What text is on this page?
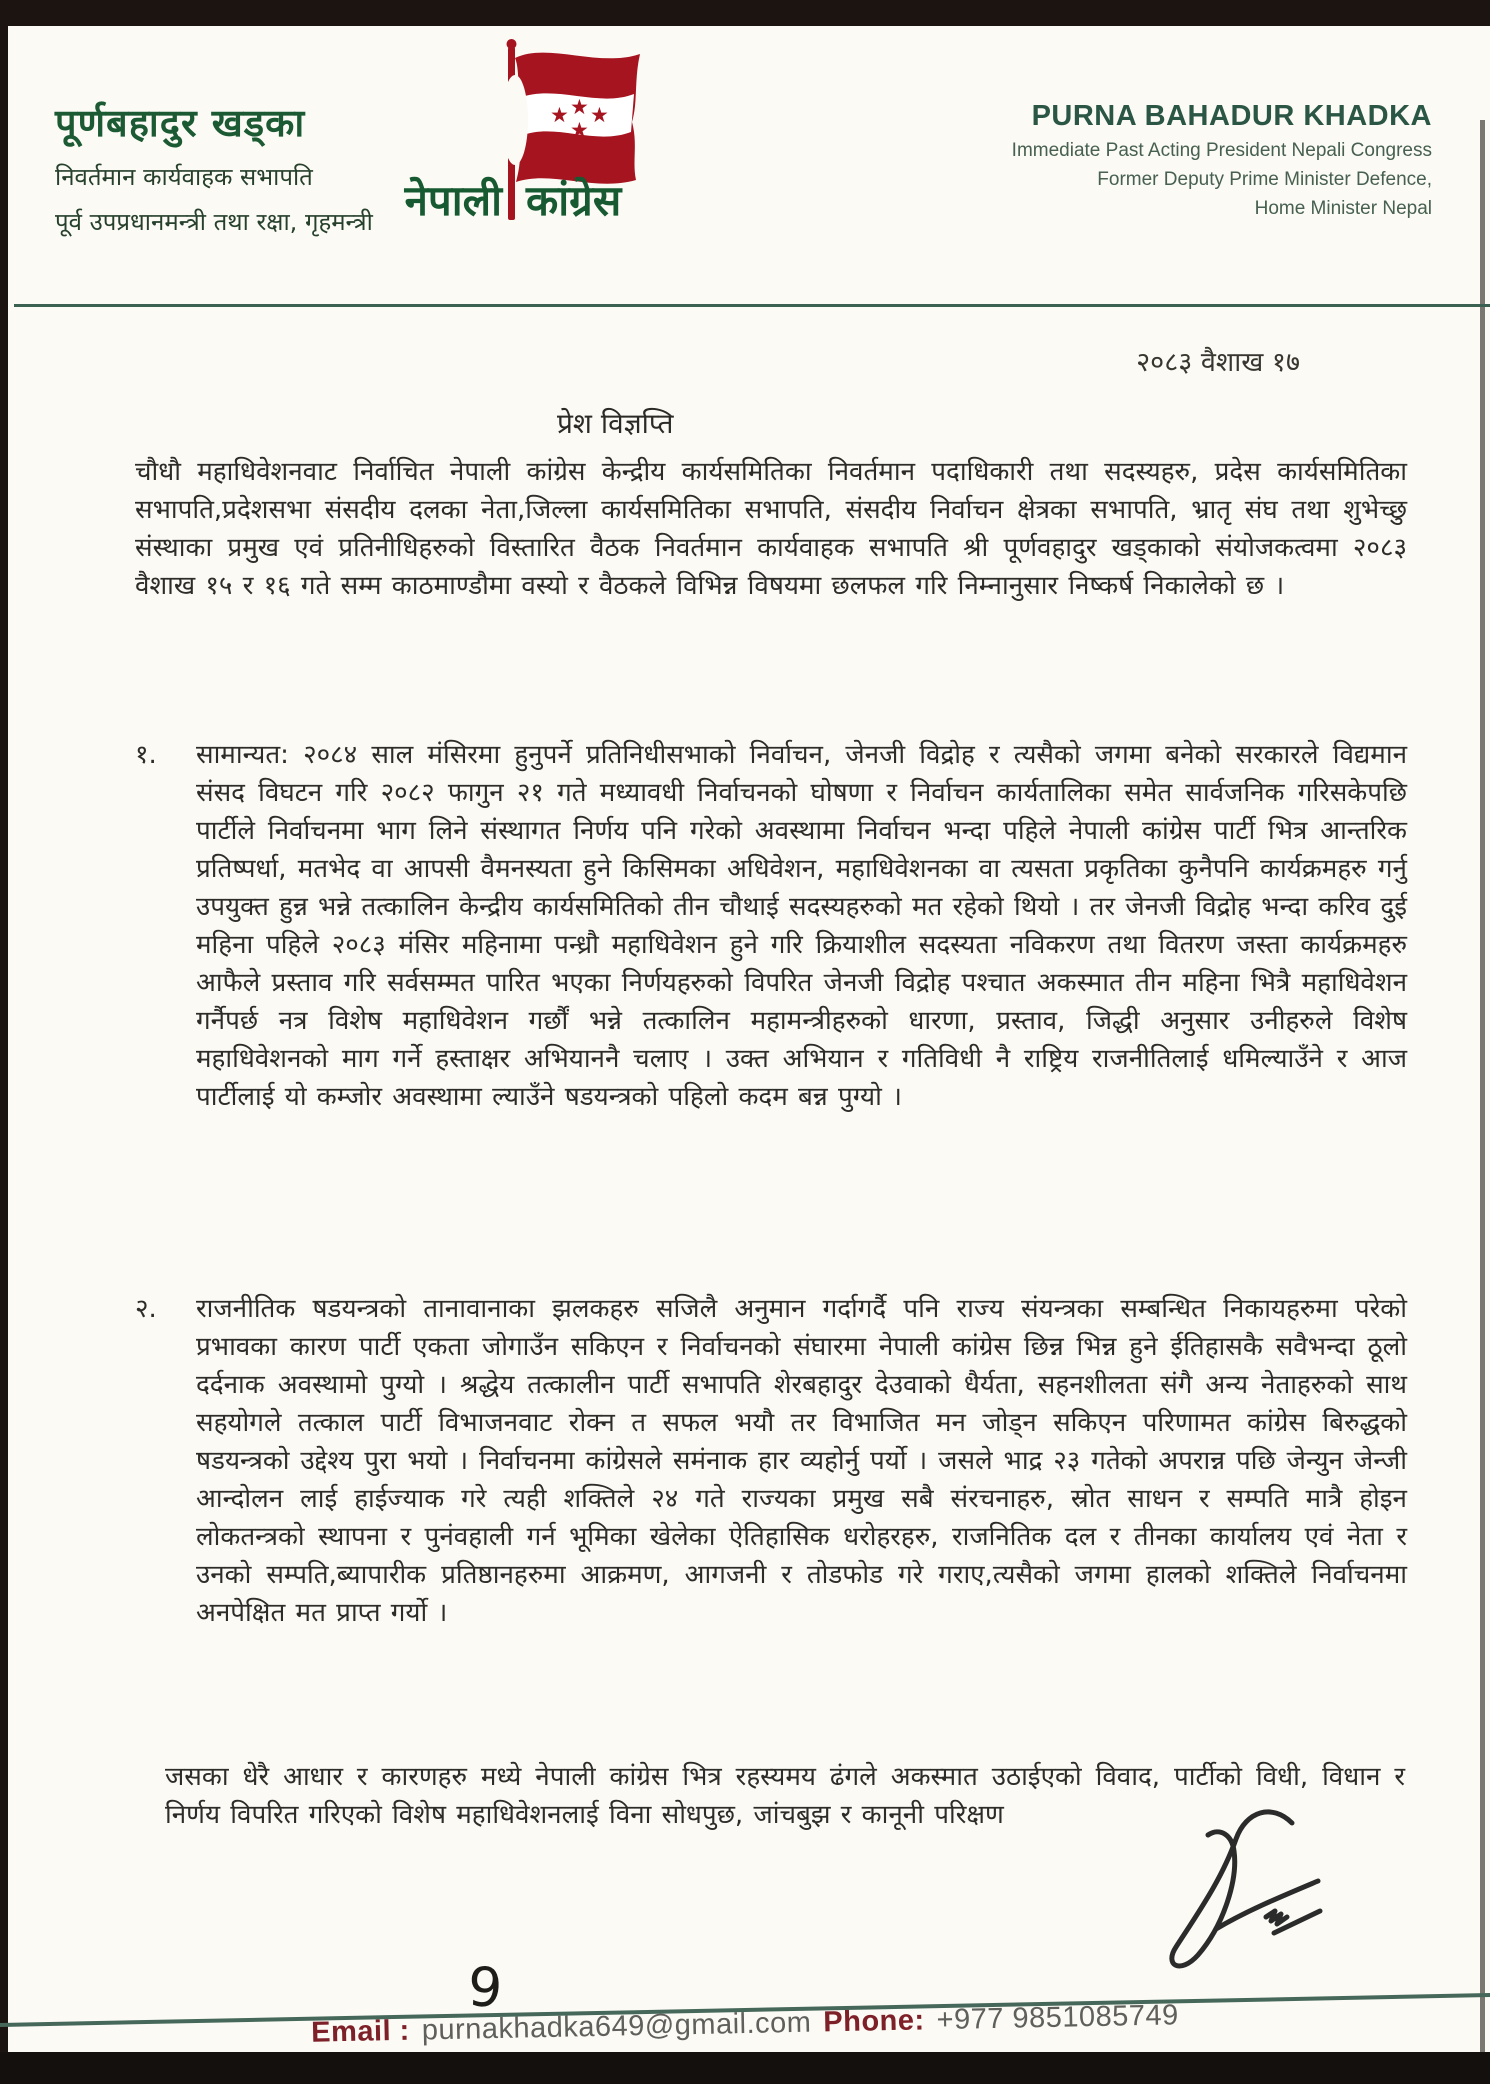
पूर्णबहादुर खड्का
निवर्तमान कार्यवाहक सभापति
पूर्व उपप्रधानमन्त्री तथा रक्षा, गृहमन्त्री
★ ★ ★
★
नेपाली कांग्रेस
PURNA BAHADUR KHADKA
Immediate Past Acting President Nepali Congress
Former Deputy Prime Minister Defence,
Home Minister Nepal
२०८३ वैशाख १७
प्रेश विज्ञप्ति
चौधौ महाधिवेशनवाट निर्वाचित नेपाली कांग्रेस केन्द्रीय कार्यसमितिका निवर्तमान पदाधिकारी तथा सदस्यहरु, प्रदेस कार्यसमितिका सभापति,प्रदेशसभा संसदीय दलका नेता,जिल्ला कार्यसमितिका सभापति, संसदीय निर्वाचन क्षेत्रका सभापति, भ्रातृ संघ तथा शुभेच्छु संस्थाका प्रमुख एवं प्रतिनीधिहरुको विस्तारित वैठक निवर्तमान कार्यवाहक सभापति श्री पूर्णवहादुर खड्काको संयोजकत्वमा २०८३ वैशाख १५ र १६ गते सम्म काठमाण्डौमा वस्यो र वैठकले विभिन्न विषयमा छलफल गरि निम्नानुसार निष्कर्ष निकालेको छ ।
१.	सामान्यत: २०८४ साल मंसिरमा हुनुपर्ने प्रतिनिधीसभाको निर्वाचन, जेनजी विद्रोह र त्यसैको जगमा बनेको सरकारले विद्यमान संसद विघटन गरि २०८२ फागुन २१ गते मध्यावधी निर्वाचनको घोषणा र निर्वाचन कार्यतालिका समेत सार्वजनिक गरिसकेपछि पार्टीले निर्वाचनमा भाग लिने संस्थागत निर्णय पनि गरेको अवस्थामा निर्वाचन भन्दा पहिले नेपाली कांग्रेस पार्टी भित्र आन्तरिक प्रतिष्पर्धा, मतभेद वा आपसी वैमनस्यता हुने किसिमका अधिवेशन, महाधिवेशनका वा त्यसता प्रकृतिका कुनैपनि कार्यक्रमहरु गर्नु उपयुक्त हुन्न भन्ने तत्कालिन केन्द्रीय कार्यसमितिको तीन चौथाई सदस्यहरुको मत रहेको थियो । तर जेनजी विद्रोह भन्दा करिव दुई महिना पहिले २०८३ मंसिर महिनामा पन्ध्रौ महाधिवेशन हुने गरि क्रियाशील सदस्यता नविकरण तथा वितरण जस्ता कार्यक्रमहरु आफैले प्रस्ताव गरि सर्वसम्मत पारित भएका निर्णयहरुको विपरित जेनजी विद्रोह पश्चात अकस्मात तीन महिना भित्रै महाधिवेशन गर्नैपर्छ नत्र विशेष महाधिवेशन गर्छौं भन्ने तत्कालिन महामन्त्रीहरुको धारणा, प्रस्ताव, जिद्धी अनुसार उनीहरुले विशेष महाधिवेशनको माग गर्ने हस्ताक्षर अभियाननै चलाए । उक्त अभियान र गतिविधी नै राष्ट्रिय राजनीतिलाई धमिल्याउँने र आज पार्टीलाई यो कम्जोर अवस्थामा ल्याउँने षडयन्त्रको पहिलो कदम बन्न पुग्यो ।
२.	राजनीतिक षडयन्त्रको तानावानाका झलकहरु सजिलै अनुमान गर्दागर्दै पनि राज्य संयन्त्रका सम्बन्धित निकायहरुमा परेको प्रभावका कारण पार्टी एकता जोगाउँन सकिएन र निर्वाचनको संघारमा नेपाली कांग्रेस छिन्न भिन्न हुने ईतिहासकै सवैभन्दा ठूलो दर्दनाक अवस्थामो पुग्यो । श्रद्धेय तत्कालीन पार्टी सभापति शेरबहादुर देउवाको धैर्यता, सहनशीलता संगै अन्य नेताहरुको साथ सहयोगले तत्काल पार्टी विभाजनवाट रोक्न त सफल भयौ तर विभाजित मन जोड्न सकिएन परिणामत कांग्रेस बिरुद्धको षडयन्त्रको उद्देश्य पुरा भयो । निर्वाचनमा कांग्रेसले समंनाक हार व्यहोर्नु पर्यो । जसले भाद्र २३ गतेको अपरान्न पछि जेन्युन जेन्जी आन्दोलन लाई हाईज्याक गरे त्यही शक्तिले २४ गते राज्यका प्रमुख सबै संरचनाहरु, स्रोत साधन र सम्पति मात्रै होइन लोकतन्त्रको स्थापना र पुनंवहाली गर्न भूमिका खेलेका ऐतिहासिक धरोहरहरु, राजनितिक दल र तीनका कार्यालय एवं नेता र उनको सम्पति,ब्यापारीक प्रतिष्ठानहरुमा आक्रमण, आगजनी र तोडफोड गरे गराए,त्यसैको जगमा हालको शक्तिले निर्वाचनमा अनपेक्षित मत प्राप्त गर्यो ।
जसका धेरै आधार र कारणहरु मध्ये नेपाली कांग्रेस भित्र रहस्यमय ढंगले अकस्मात उठाईएको विवाद, पार्टीको विधी, विधान र निर्णय विपरित गरिएको विशेष महाधिवेशनलाई विना सोधपुछ, जांचबुझ र कानूनी परिक्षण
9
Email : purnakhadka649@gmail.com Phone: +977 9851085749
